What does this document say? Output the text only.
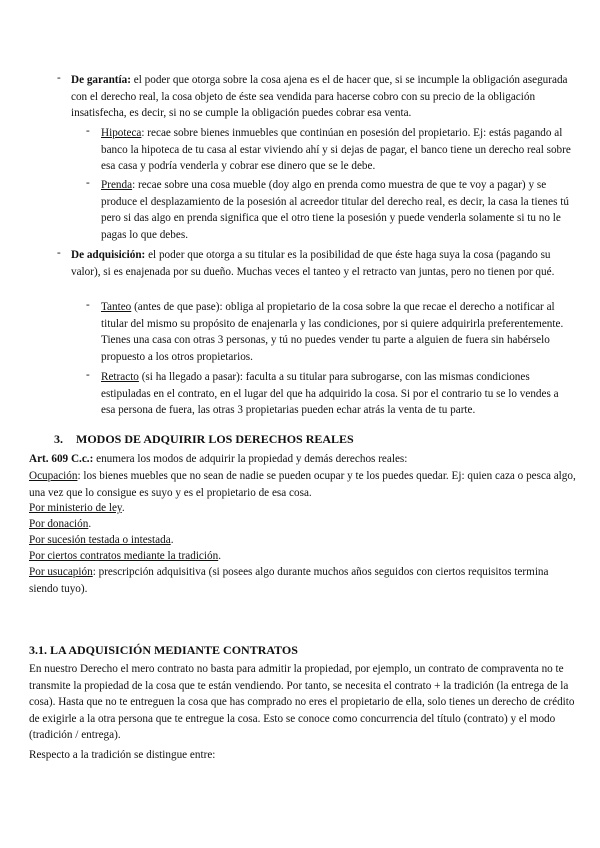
- De garantía: el poder que otorga sobre la cosa ajena es el de hacer que, si se incumple la obligación asegurada con el derecho real, la cosa objeto de éste sea vendida para hacerse cobro con su precio de la obligación insatisfecha, es decir, si no se cumple la obligación puedes cobrar esa venta.

- Hipoteca: recae sobre bienes inmuebles que continúan en posesión del propietario. Ej: estás pagando al banco la hipoteca de tu casa al estar viviendo ahí y si dejas de pagar, el banco tiene un derecho real sobre esa casa y podría venderla y cobrar ese dinero que se le debe.

- Prenda: recae sobre una cosa mueble (doy algo en prenda como muestra de que te voy a pagar) y se produce el desplazamiento de la posesión al acreedor titular del derecho real, es decir, la casa la tienes tú pero si das algo en prenda significa que el otro tiene la posesión y puede venderla solamente si tu no le pagas lo que debes.

- De adquisición: el poder que otorga a su titular es la posibilidad de que éste haga suya la cosa (pagando su valor), si es enajenada por su dueño. Muchas veces el tanteo y el retracto van juntas, pero no tienen por qué.

- Tanteo (antes de que pase): obliga al propietario de la cosa sobre la que recae el derecho a notificar al titular del mismo su propósito de enajenarla y las condiciones, por si quiere adquirirla preferentemente. Tienes una casa con otras 3 personas, y tú no puedes vender tu parte a alguien de fuera sin habérselo propuesto a los otros propietarios.

- Retracto (si ha llegado a pasar): faculta a su titular para subrogarse, con las mismas condiciones estipuladas en el contrato, en el lugar del que ha adquirido la cosa. Si por el contrario tu se lo vendes a esa persona de fuera, las otras 3 propietarias pueden echar atrás la venta de tu parte.

3. MODOS DE ADQUIRIR LOS DERECHOS REALES

Art. 609 C.c.: enumera los modos de adquirir la propiedad y demás derechos reales:

Ocupación: los bienes muebles que no sean de nadie se pueden ocupar y te los puedes quedar. Ej: quien caza o pesca algo, una vez que lo consigue es suyo y es el propietario de esa cosa.

Por ministerio de ley.

Por donación.

Por sucesión testada o intestada.

Por ciertos contratos mediante la tradición.

Por usucapión: prescripción adquisitiva (si posees algo durante muchos años seguidos con ciertos requisitos termina siendo tuyo).

3.1. LA ADQUISICIÓN MEDIANTE CONTRATOS

En nuestro Derecho el mero contrato no basta para admitir la propiedad, por ejemplo, un contrato de compraventa no te transmite la propiedad de la cosa que te están vendiendo. Por tanto, se necesita el contrato + la tradición (la entrega de la cosa). Hasta que no te entreguen la cosa que has comprado no eres el propietario de ella, solo tienes un derecho de crédito de exigirle a la otra persona que te entregue la cosa. Esto se conoce como concurrencia del título (contrato) y el modo (tradición / entrega).

Respecto a la tradición se distingue entre:
